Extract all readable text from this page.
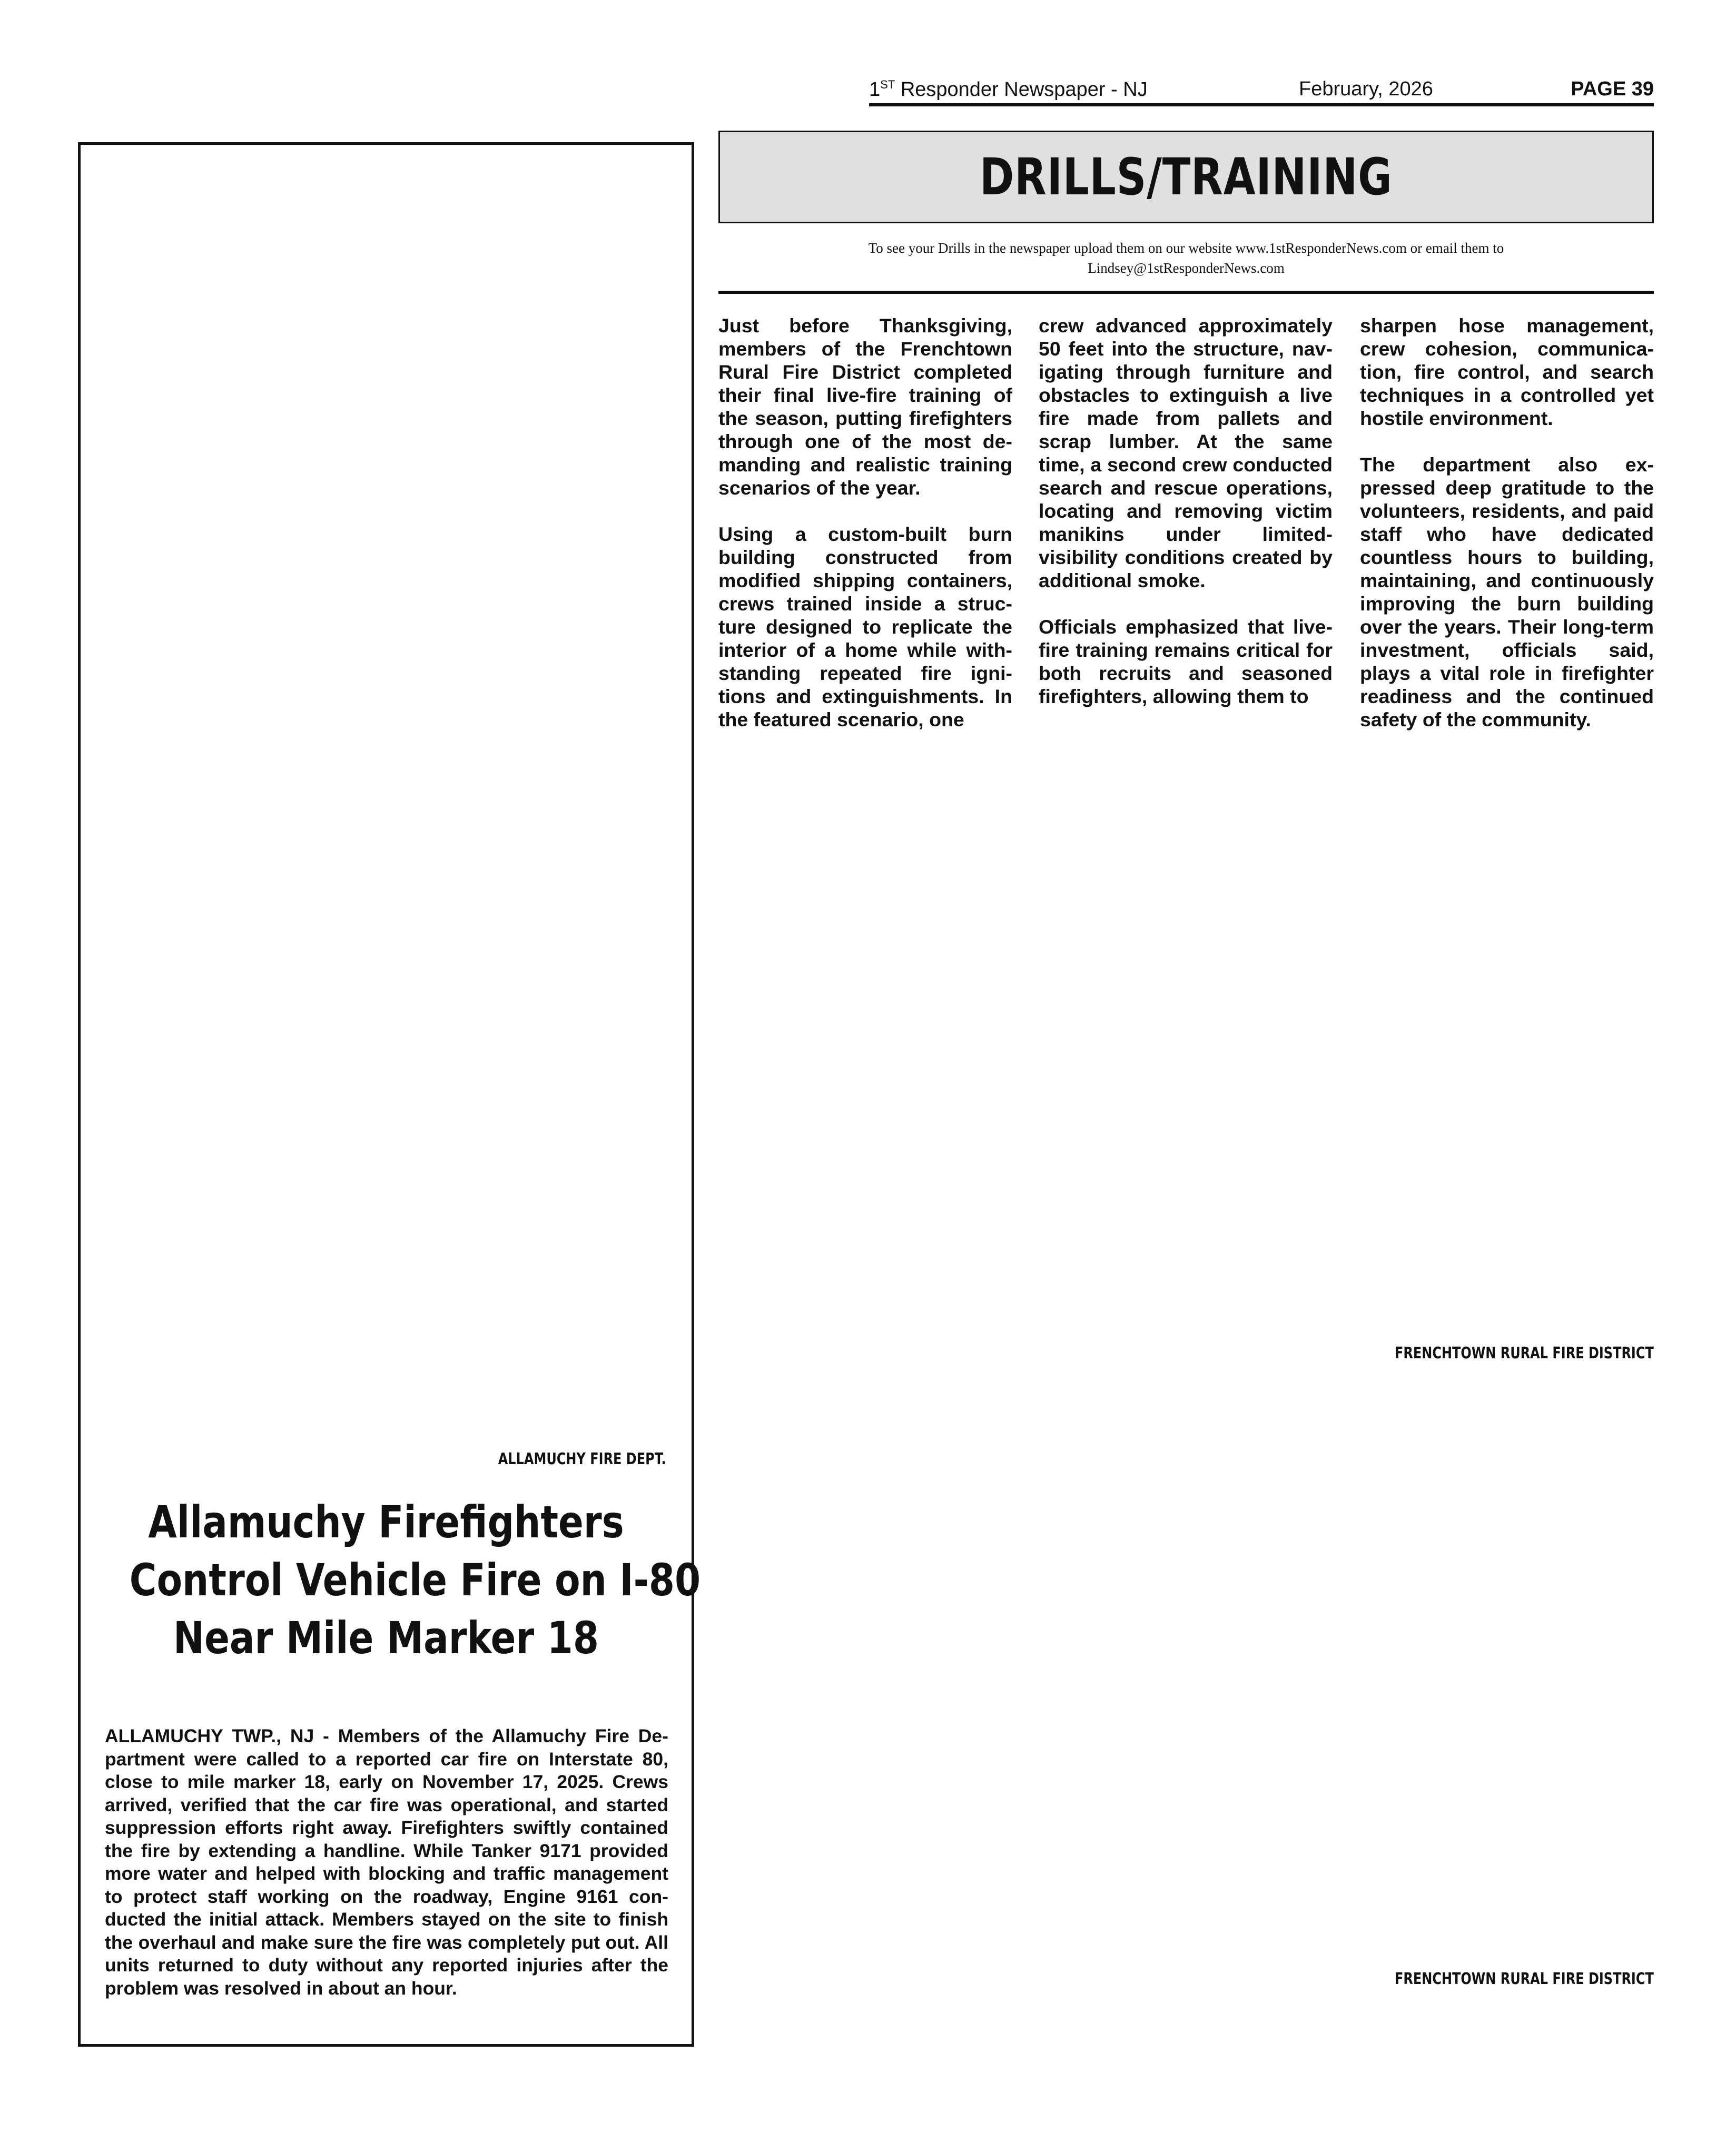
1ST Responder Newspaper - NJ	February, 2026	PAGE 39
DRILLS/TRAINING
To see your Drills in the newspaper upload them on our website www.1stResponderNews.com or email them to
Lindsey@1stResponderNews.com

Just before Thanksgiving, members of the Frenchtown Rural Fire District completed their final live-fire training of the season, putting firefighters through one of the most demanding and realistic training scenarios of the year.

Using a custom-built burn building constructed from modified shipping containers, crews trained inside a structure designed to replicate the interior of a home while withstanding repeated fire ignitions and extinguishments. In the featured scenario, one

crew advanced approximately 50 feet into the structure, navigating through furniture and obstacles to extinguish a live fire made from pallets and scrap lumber. At the same time, a second crew conducted search and rescue operations, locating and removing victim manikins under limited-visibility conditions created by additional smoke.

Officials emphasized that live-fire training remains critical for both recruits and seasoned firefighters, allowing them to

sharpen hose management, crew cohesion, communication, fire control, and search techniques in a controlled yet hostile environment.

The department also expressed deep gratitude to the volunteers, residents, and paid staff who have dedicated countless hours to building, maintaining, and continuously improving the burn building over the years. Their long-term investment, officials said, plays a vital role in firefighter readiness and the continued safety of the community.

FRENCHTOWN RURAL FIRE DISTRICT
FRENCHTOWN RURAL FIRE DISTRICT
ALLAMUCHY FIRE DEPT.
Allamuchy Firefighters
Control Vehicle Fire on I-80
Near Mile Marker 18

ALLAMUCHY TWP., NJ - Members of the Allamuchy Fire Department were called to a reported car fire on Interstate 80, close to mile marker 18, early on November 17, 2025. Crews arrived, verified that the car fire was operational, and started suppression efforts right away. Firefighters swiftly contained the fire by extending a handline. While Tanker 9171 provided more water and helped with blocking and traffic management to protect staff working on the roadway, Engine 9161 conducted the initial attack. Members stayed on the site to finish the overhaul and make sure the fire was completely put out. All units returned to duty without any reported injuries after the problem was resolved in about an hour.
